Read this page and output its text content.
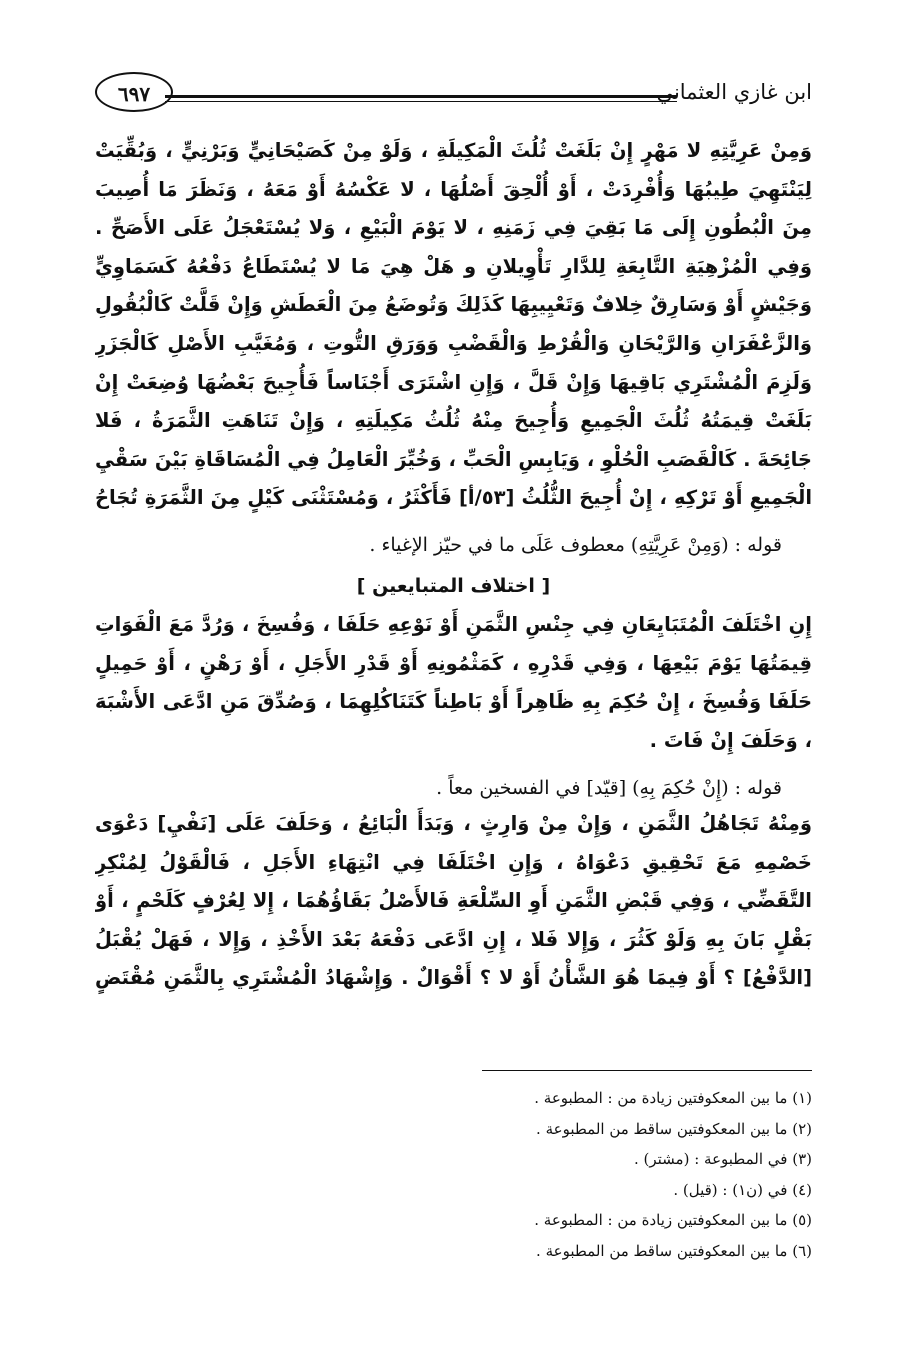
ابن غازي العثماني
٦٩٧

وَمِنْ عَرِيَّتِهِ لا مَهْرٍ إِنْ بَلَغَتْ ثُلُثَ الْمَكِيلَةِ ، وَلَوْ مِنْ كَصَيْحَانِيٍّ وَبَرْنِيٍّ ، وَبُقِّيَتْ لِيَنْتَهِيَ طِيبُهَا وَأُفْرِدَتْ ، أَوْ أُلْحِقَ أَصْلُهَا ، لا عَكْسُهُ أَوْ مَعَهُ ، وَنَظَرَ مَا أُصِيبَ مِنَ الْبُطُونِ إِلَى مَا بَقِيَ فِي زَمَنِهِ ، لا يَوْمَ الْبَيْعِ ، وَلا يُسْتَعْجَلُ عَلَى الأَصَحِّ . وَفِي الْمُزْهِيَةِ التَّابِعَةِ لِلدَّارِ تَأْوِيلانِ و هَلْ هِيَ مَا لا يُسْتَطَاعُ دَفْعُهُ كَسَمَاوِيٍّ وَجَيْشٍ أَوْ وَسَارِقٌ خِلافٌ وَتَعْيِيبِهَا كَذَلِكَ وَتُوضَعُ مِنَ الْعَطَشِ وَإِنْ قَلَّتْ كَالْبُقُولِ وَالزَّعْفَرَانِ وَالرَّيْحَانِ وَالْقُرْطِ وَالْقَضْبِ وَوَرَقِ التُّوتِ ، وَمُغَيَّبِ الأَصْلِ كَالْجَزَرِ وَلَزِمَ الْمُشْتَرِي بَاقِيهَا وَإِنْ قَلَّ ، وَإِنِ اشْتَرَى أَجْنَاساً فَأُجِيحَ بَعْضُهَا وُضِعَتْ إِنْ بَلَغَتْ قِيمَتُهُ ثُلُثَ الْجَمِيعِ وَأُجِيحَ مِنْهُ ثُلُثُ مَكِيلَتِهِ ، وَإِنْ تَنَاهَتِ الثَّمَرَةُ ، فَلا جَائِحَةَ . كَالْقَصَبِ الْحُلْوِ ، وَيَابِسِ الْحَبِّ ، وَخُيِّرَ الْعَامِلُ فِي الْمُسَاقَاةِ بَيْنَ سَقْيِ الْجَمِيعِ أَوْ تَرْكِهِ ، إِنْ أُجِيحَ الثُّلُثُ [٥٣/أ] فَأَكْثَرُ ، وَمُسْتَثْنَى كَيْلٍ مِنَ الثَّمَرَةِ تُجَاحُ

قوله : (وَمِنْ عَرِيَّتِهِ) معطوف عَلَى ما في حيّز الإغياء .

[ اختلاف المتبايعين ]

إِنِ اخْتَلَفَ الْمُتَبَايِعَانِ فِي جِنْسِ الثَّمَنِ أَوْ نَوْعِهِ حَلَفَا ، وَفُسِخَ ، وَرُدَّ مَعَ الْفَوَاتِ قِيمَتُهَا يَوْمَ بَيْعِهَا ، وَفِي قَدْرِهِ ، كَمَثْمُونِهِ أَوْ قَدْرِ الأَجَلِ ، أَوْ رَهْنٍ ، أَوْ حَمِيلٍ حَلَفَا وَفُسِخَ ، إِنْ حُكِمَ بِهِ ظَاهِراً أَوْ بَاطِناً كَتَنَاكُلِهِمَا ، وَصُدِّقَ مَنِ ادَّعَى الأَشْبَهَ ، وَحَلَفَ إِنْ فَاتَ .

قوله : (إِنْ حُكِمَ بِهِ) [قيّد] في الفسخين معاً .

وَمِنْهُ تَجَاهُلُ الثَّمَنِ ، وَإِنْ مِنْ وَارِثٍ ، وَبَدَأَ الْبَائِعُ ، وَحَلَفَ عَلَى [نَفْيِ] دَعْوَى خَصْمِهِ مَعَ تَحْقِيقِ دَعْوَاهُ ، وَإِنِ اخْتَلَفَا فِي انْتِهَاءِ الأَجَلِ ، فَالْقَوْلُ لِمُنْكِرِ التَّقَضِّي ، وَفِي قَبْضِ الثَّمَنِ أَوِ السِّلْعَةِ فَالأَصْلُ بَقَاؤُهُمَا ، إِلا لِعُرْفٍ كَلَحْمٍ ، أَوْ بَقْلٍ بَانَ بِهِ وَلَوْ كَثُرَ ، وَإِلا فَلا ، إِنِ ادَّعَى دَفْعَهُ بَعْدَ الأَخْذِ ، وَإِلا ، فَهَلْ يُقْبَلُ [الدَّفْعُ] ؟ أَوْ فِيمَا هُوَ الشَّأْنُ أَوْ لا ؟ أَقْوَالٌ . وَإِشْهَادُ الْمُشْتَرِي بِالثَّمَنِ مُقْتَضٍ

(١) ما بين المعكوفتين زيادة من : المطبوعة .
(٢) ما بين المعكوفتين ساقط من المطبوعة .
(٣) في المطبوعة : (مشتر) .
(٤) في (ن١) : (قيل) .
(٥) ما بين المعكوفتين زيادة من : المطبوعة .
(٦) ما بين المعكوفتين ساقط من المطبوعة .
